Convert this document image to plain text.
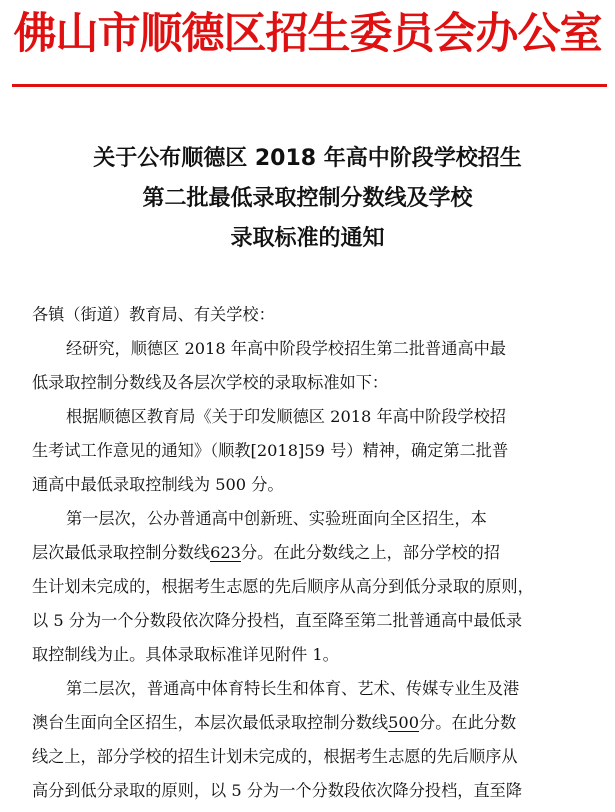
佛山市顺德区招生委员会办公室
关于公布顺德区 2018 年高中阶段学校招生
第二批最低录取控制分数线及学校
录取标准的通知
各镇（街道）教育局、有关学校：
经研究，顺德区 2018 年高中阶段学校招生第二批普通高中最
低录取控制分数线及各层次学校的录取标准如下：
根据顺德区教育局《关于印发顺德区 2018 年高中阶段学校招
生考试工作意见的通知》（顺教[2018]59 号）精神，确定第二批普
通高中最低录取控制线为 500 分。
第一层次，公办普通高中创新班、实验班面向全区招生，本
层次最低录取控制分数线623分。在此分数线之上，部分学校的招
生计划未完成的，根据考生志愿的先后顺序从高分到低分录取的原则，
以 5 分为一个分数段依次降分投档，直至降至第二批普通高中最低录
取控制线为止。具体录取标准详见附件 1。
第二层次，普通高中体育特长生和体育、艺术、传媒专业生及港
澳台生面向全区招生，本层次最低录取控制分数线500分。在此分数
线之上，部分学校的招生计划未完成的，根据考生志愿的先后顺序从
高分到低分录取的原则，以 5 分为一个分数段依次降分投档，直至降
